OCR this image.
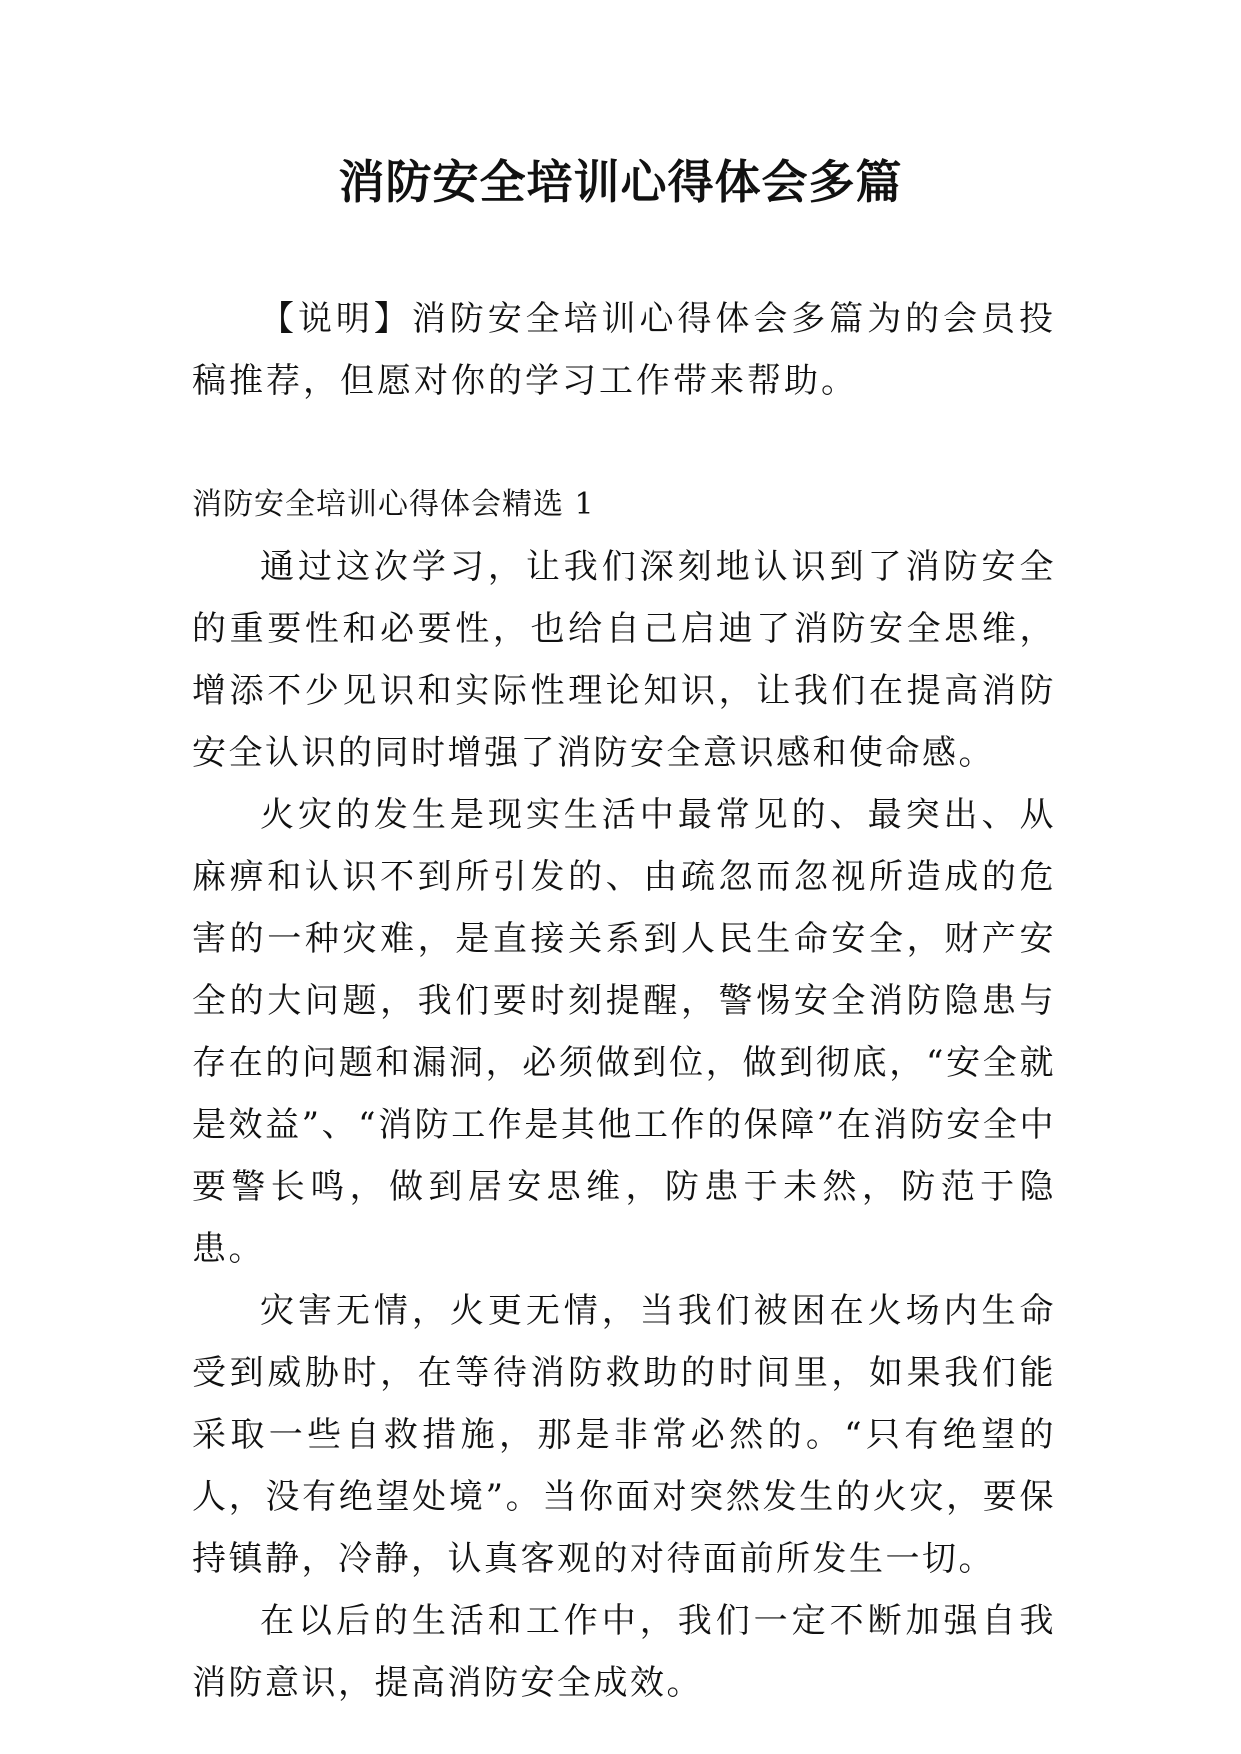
消防安全培训心得体会多篇

【说明】消防安全培训心得体会多篇为的会员投稿推荐，但愿对你的学习工作带来帮助。

消防安全培训心得体会精选 1

通过这次学习，让我们深刻地认识到了消防安全的重要性和必要性，也给自己启迪了消防安全思维，增添不少见识和实际性理论知识，让我们在提高消防安全认识的同时增强了消防安全意识感和使命感。

火灾的发生是现实生活中最常见的、最突出、从麻痹和认识不到所引发的、由疏忽而忽视所造成的危害的一种灾难，是直接关系到人民生命安全，财产安全的大问题，我们要时刻提醒，警惕安全消防隐患与存在的问题和漏洞，必须做到位，做到彻底，“安全就是效益”、“消防工作是其他工作的保障”在消防安全中要警长鸣，做到居安思维，防患于未然，防范于隐患。

灾害无情，火更无情，当我们被困在火场内生命受到威胁时，在等待消防救助的时间里，如果我们能采取一些自救措施，那是非常必然的。“只有绝望的人，没有绝望处境”。当你面对突然发生的火灾，要保持镇静，冷静，认真客观的对待面前所发生一切。

在以后的生活和工作中，我们一定不断加强自我消防意识，提高消防安全成效。
